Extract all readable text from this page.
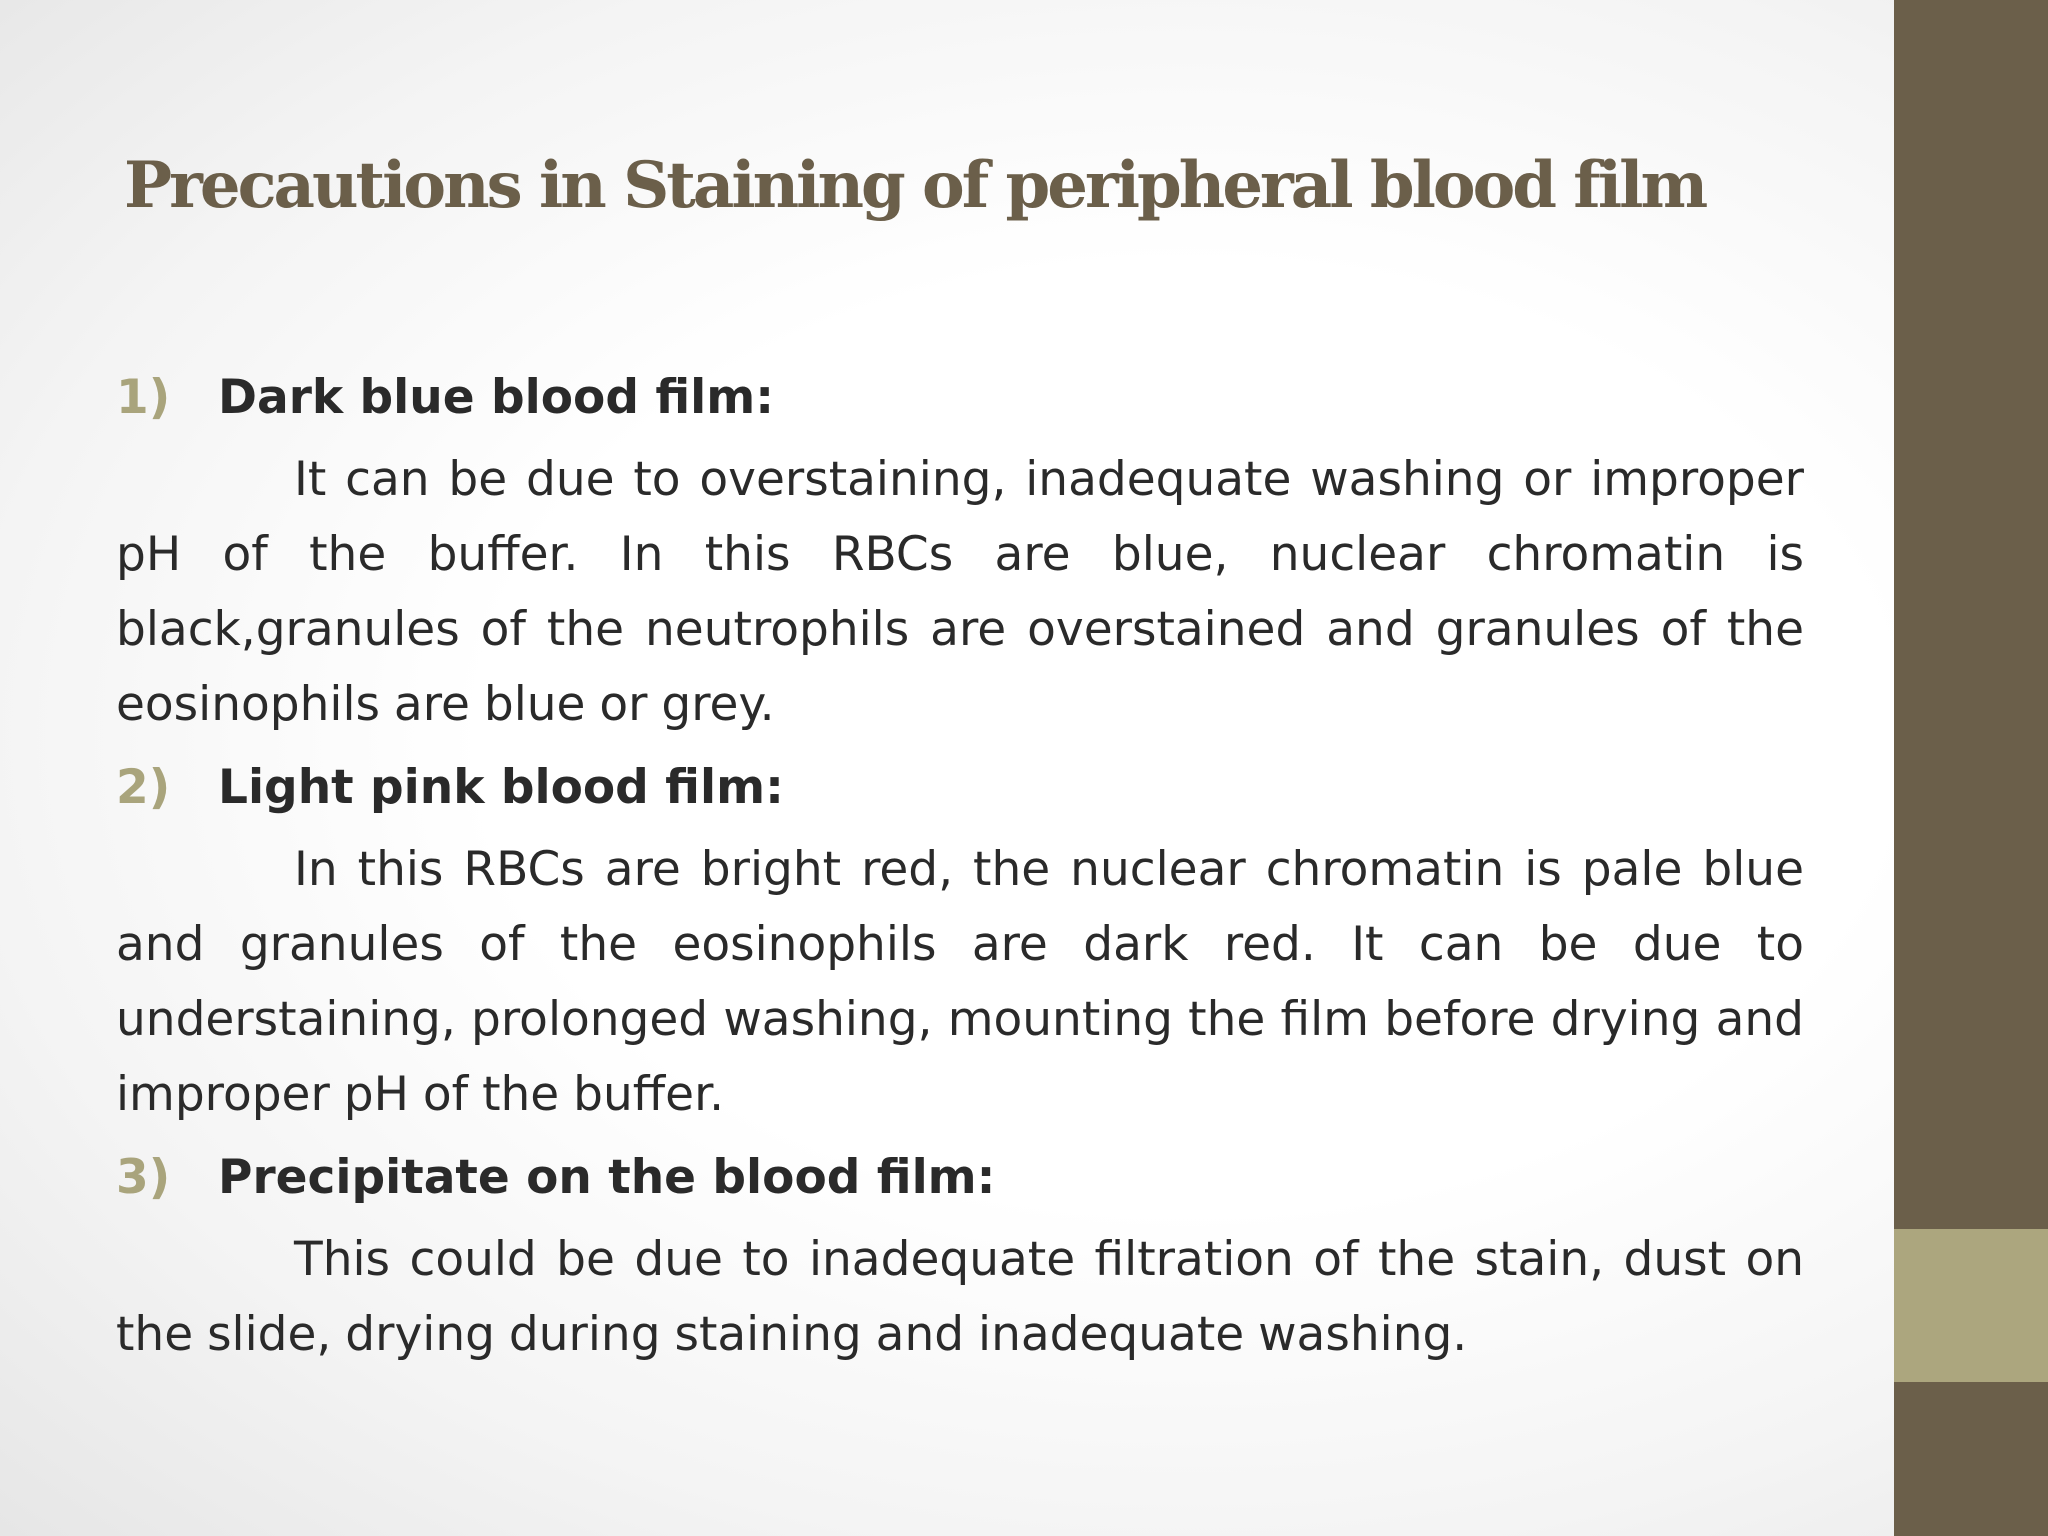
Precautions in Staining of peripheral blood film
1)	Dark blue blood film:

It can be due to overstaining, inadequate washing or improper pH of the buffer. In this RBCs are blue, nuclear chromatin is black,granules of the neutrophils are overstained and granules of the eosinophils are blue or grey.

2)	Light pink blood film:

In this RBCs are bright red, the nuclear chromatin is pale blue and granules of the eosinophils are dark red. It can be due to understaining, prolonged washing, mounting the film before drying and improper pH of the buffer.

3)	Precipitate on the blood film:

This could be due to inadequate filtration of the stain, dust on the slide, drying during staining and inadequate washing.
